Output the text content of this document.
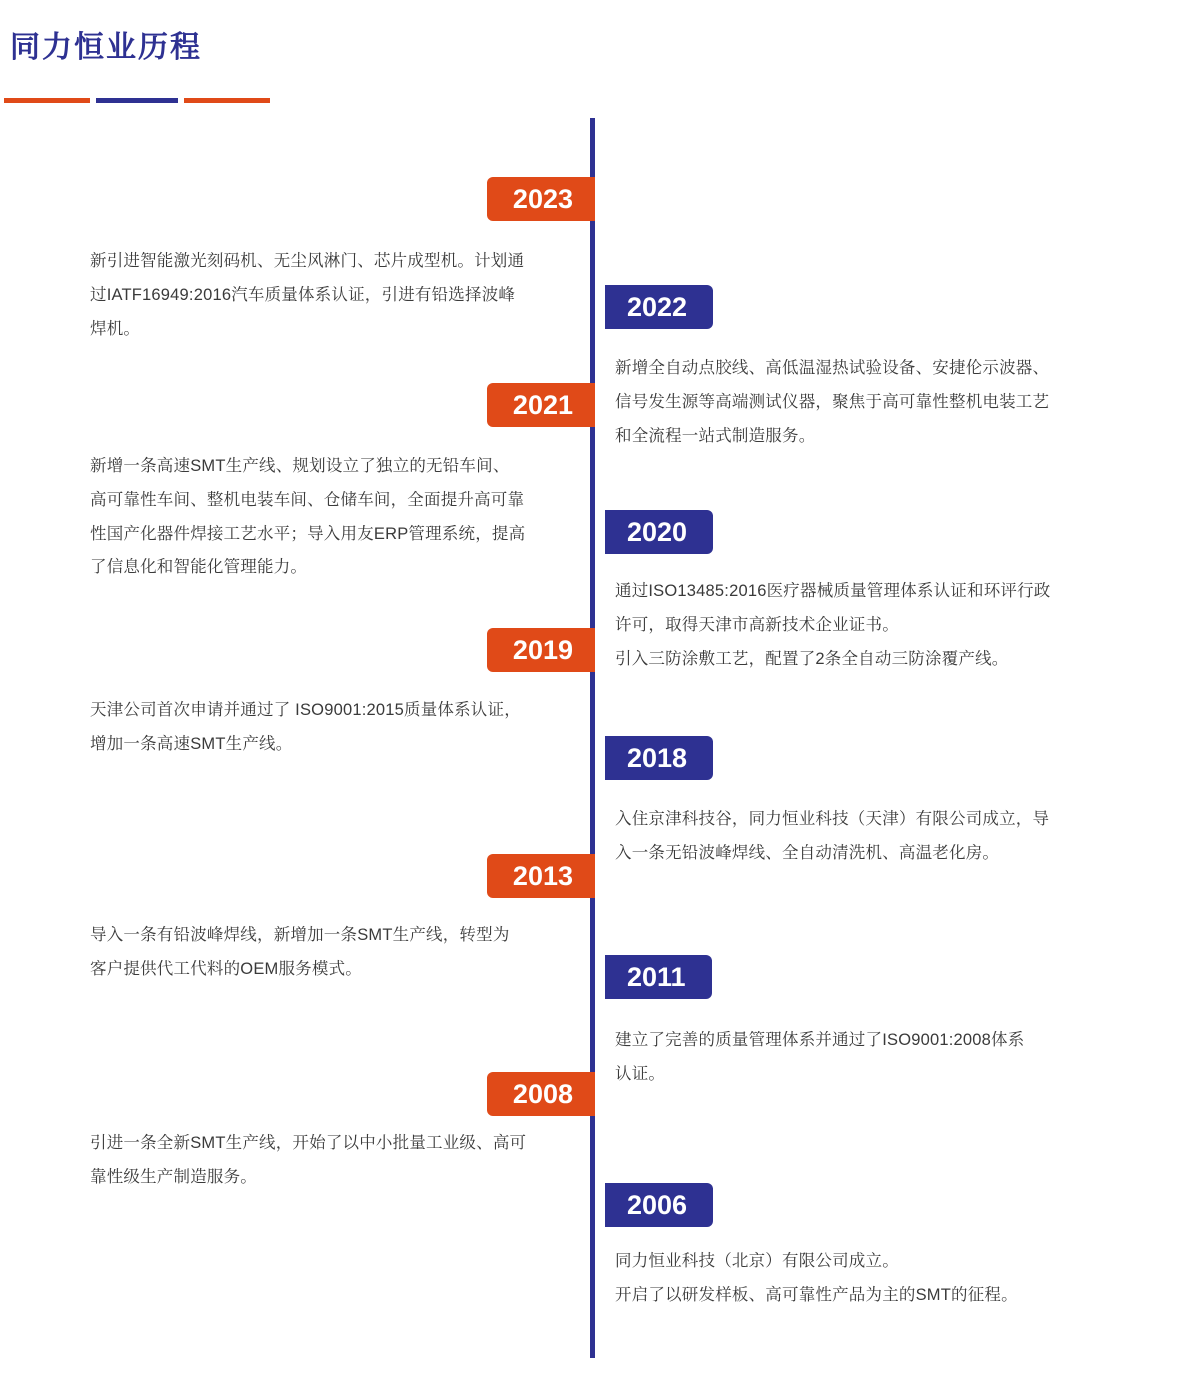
同力恒业历程
2023

新引进智能激光刻码机、无尘风淋门、芯片成型机。计划通

过IATF16949:2016汽车质量体系认证，引进有铅选择波峰

焊机。

2022

新增全自动点胶线、高低温湿热试验设备、安捷伦示波器、

信号发生源等高端测试仪器，聚焦于高可靠性整机电装工艺

和全流程一站式制造服务。

2021

新增一条高速SMT生产线、规划设立了独立的无铅车间、

高可靠性车间、整机电装车间、仓储车间，全面提升高可靠

性国产化器件焊接工艺水平；导入用友ERP管理系统，提高

了信息化和智能化管理能力。

2020

通过ISO13485:2016医疗器械质量管理体系认证和环评行政

许可，取得天津市高新技术企业证书。

引入三防涂敷工艺，配置了2条全自动三防涂覆产线。

2019

天津公司首次申请并通过了 ISO9001:2015质量体系认证，

增加一条高速SMT生产线。	2018

入住京津科技谷，同力恒业科技（天津）有限公司成立，导

入一条无铅波峰焊线、全自动清洗机、高温老化房。

2013

导入一条有铅波峰焊线，新增加一条SMT生产线，转型为

客户提供代工代料的OEM服务模式。	2011

建立了完善的质量管理体系并通过了ISO9001:2008体系

认证。

2008

引进一条全新SMT生产线，开始了以中小批量工业级、高可

靠性级生产制造服务。

2006

同力恒业科技（北京）有限公司成立。

开启了以研发样板、高可靠性产品为主的SMT的征程。
